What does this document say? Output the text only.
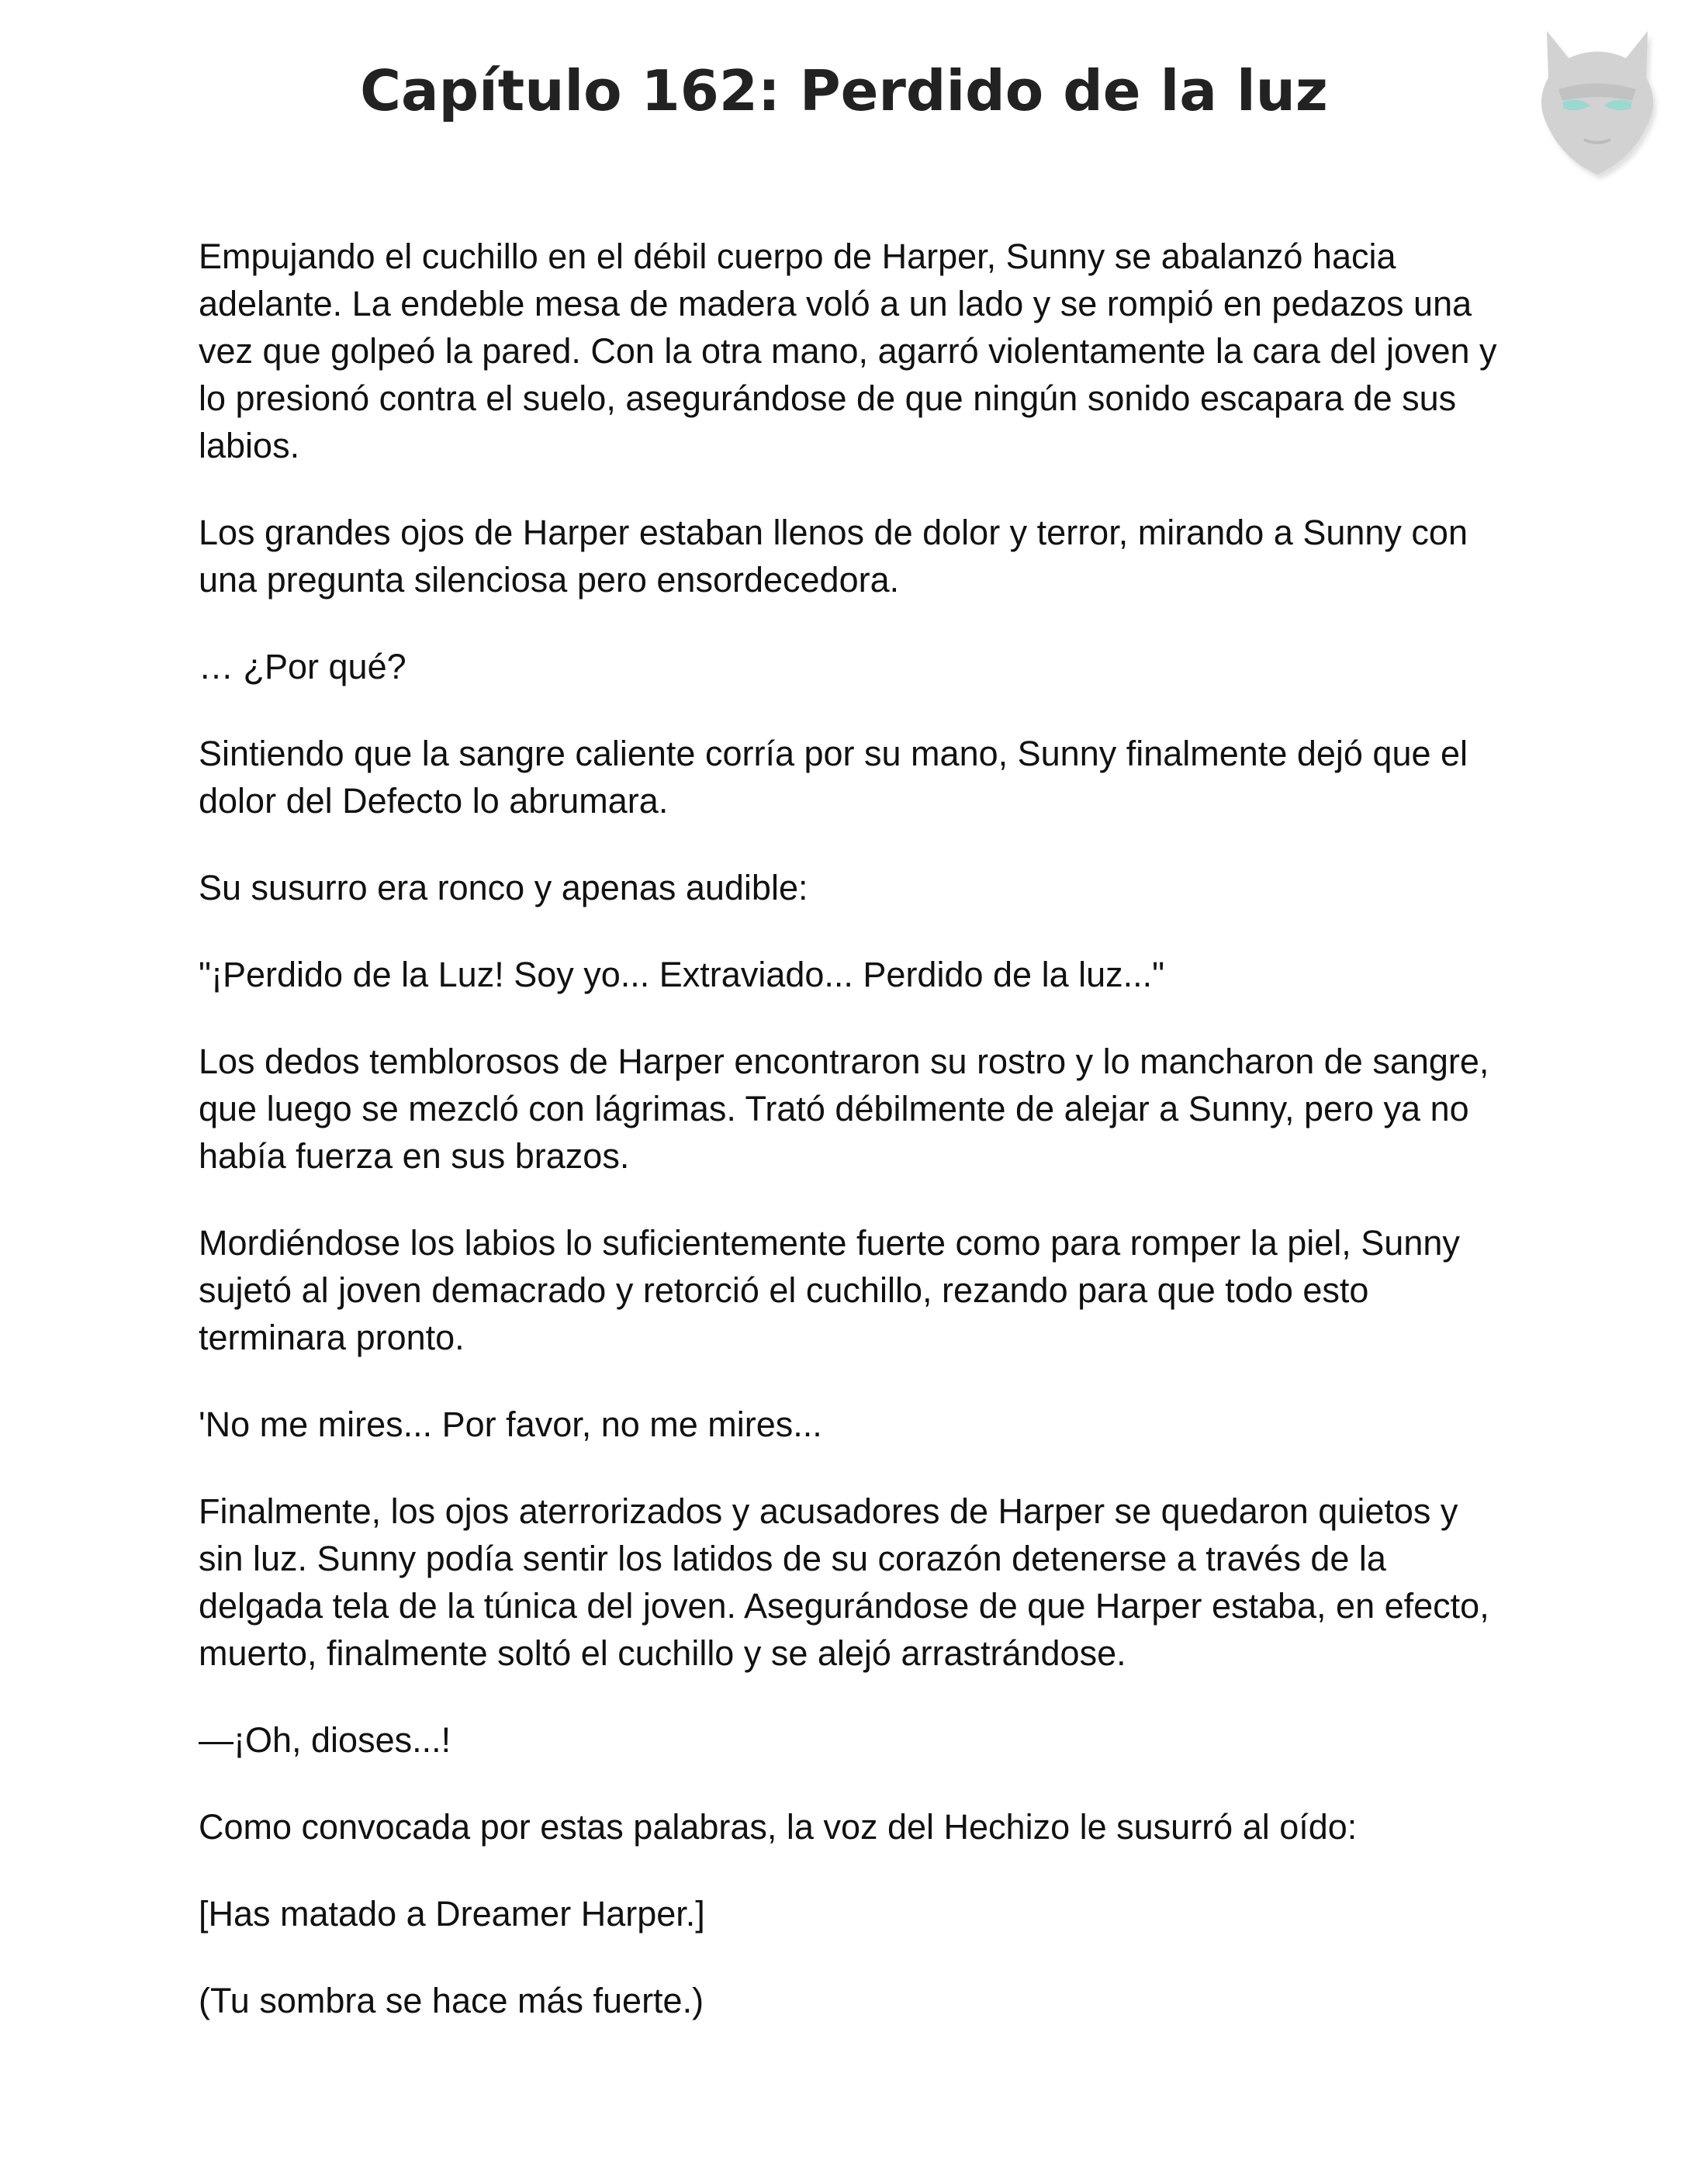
Capítulo 162: Perdido de la luz

Empujando el cuchillo en el débil cuerpo de Harper, Sunny se abalanzó hacia adelante. La endeble mesa de madera voló a un lado y se rompió en pedazos una vez que golpeó la pared. Con la otra mano, agarró violentamente la cara del joven y lo presionó contra el suelo, asegurándose de que ningún sonido escapara de sus labios.

Los grandes ojos de Harper estaban llenos de dolor y terror, mirando a Sunny con una pregunta silenciosa pero ensordecedora.

… ¿Por qué?

Sintiendo que la sangre caliente corría por su mano, Sunny finalmente dejó que el dolor del Defecto lo abrumara.

Su susurro era ronco y apenas audible:

"¡Perdido de la Luz! Soy yo... Extraviado... Perdido de la luz..."

Los dedos temblorosos de Harper encontraron su rostro y lo mancharon de sangre, que luego se mezcló con lágrimas. Trató débilmente de alejar a Sunny, pero ya no había fuerza en sus brazos.

Mordiéndose los labios lo suficientemente fuerte como para romper la piel, Sunny sujetó al joven demacrado y retorció el cuchillo, rezando para que todo esto terminara pronto.

'No me mires... Por favor, no me mires...

Finalmente, los ojos aterrorizados y acusadores de Harper se quedaron quietos y sin luz. Sunny podía sentir los latidos de su corazón detenerse a través de la delgada tela de la túnica del joven. Asegurándose de que Harper estaba, en efecto, muerto, finalmente soltó el cuchillo y se alejó arrastrándose.

—¡Oh, dioses...!

Como convocada por estas palabras, la voz del Hechizo le susurró al oído:

[Has matado a Dreamer Harper.]

(Tu sombra se hace más fuerte.)
